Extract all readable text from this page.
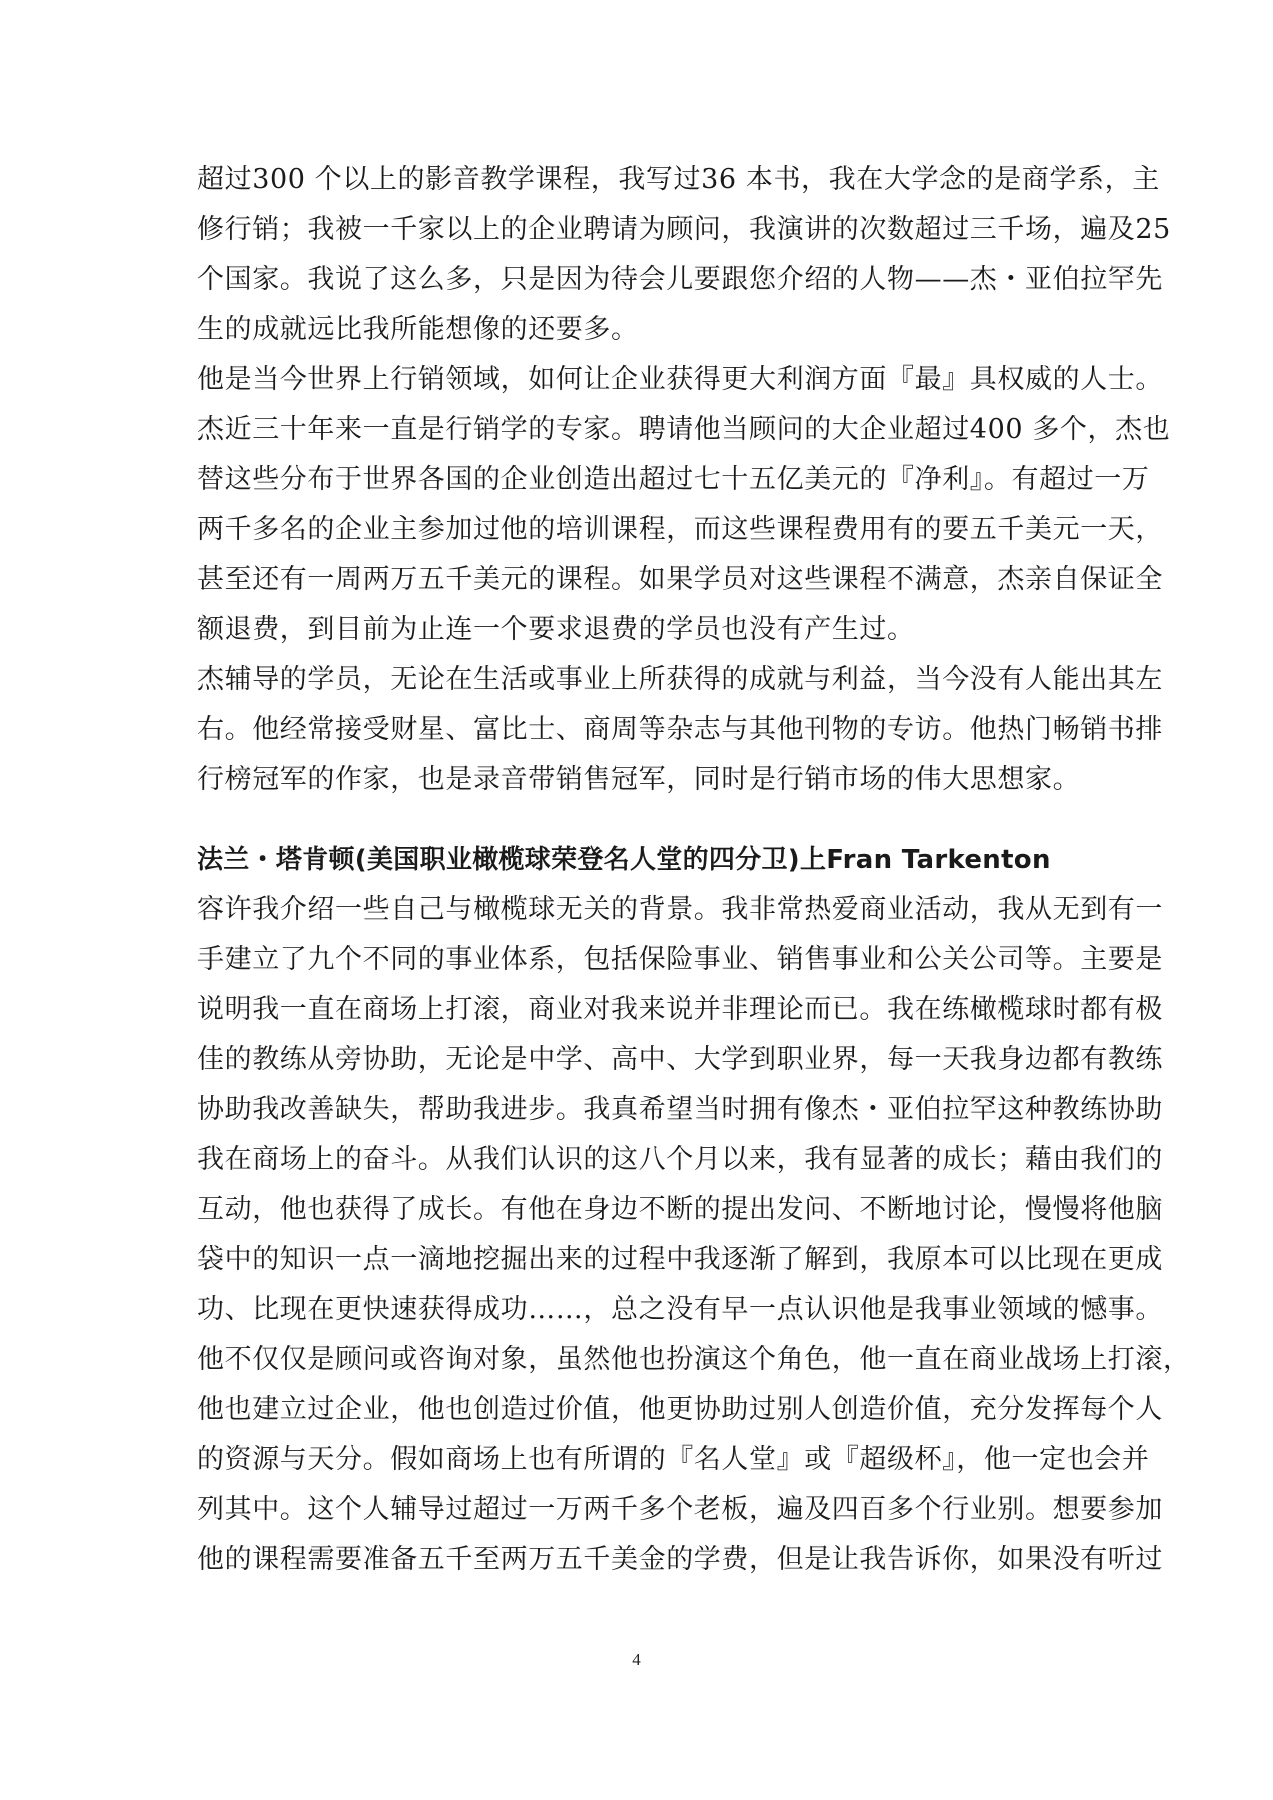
超过300 个以上的影音教学课程，我写过36 本书，我在大学念的是商学系，主
修行销；我被一千家以上的企业聘请为顾问，我演讲的次数超过三千场，遍及25
个国家。我说了这么多，只是因为待会儿要跟您介绍的人物——杰・亚伯拉罕先
生的成就远比我所能想像的还要多。
他是当今世界上行销领域，如何让企业获得更大利润方面『最』具权威的人士。
杰近三十年来一直是行销学的专家。聘请他当顾问的大企业超过400 多个，杰也
替这些分布于世界各国的企业创造出超过七十五亿美元的『净利』。有超过一万
两千多名的企业主参加过他的培训课程，而这些课程费用有的要五千美元一天，
甚至还有一周两万五千美元的课程。如果学员对这些课程不满意，杰亲自保证全
额退费，到目前为止连一个要求退费的学员也没有产生过。
杰辅导的学员，无论在生活或事业上所获得的成就与利益，当今没有人能出其左
右。他经常接受财星、富比士、商周等杂志与其他刊物的专访。他热门畅销书排
行榜冠军的作家，也是录音带销售冠军，同时是行销市场的伟大思想家。
法兰・塔肯顿(美国职业橄榄球荣登名人堂的四分卫)上Fran Tarkenton
容许我介绍一些自己与橄榄球无关的背景。我非常热爱商业活动，我从无到有一
手建立了九个不同的事业体系，包括保险事业、销售事业和公关公司等。主要是
说明我一直在商场上打滚，商业对我来说并非理论而已。我在练橄榄球时都有极
佳的教练从旁协助，无论是中学、高中、大学到职业界，每一天我身边都有教练
协助我改善缺失，帮助我进步。我真希望当时拥有像杰・亚伯拉罕这种教练协助
我在商场上的奋斗。从我们认识的这八个月以来，我有显著的成长；藉由我们的
互动，他也获得了成长。有他在身边不断的提出发问、不断地讨论，慢慢将他脑
袋中的知识一点一滴地挖掘出来的过程中我逐渐了解到，我原本可以比现在更成
功、比现在更快速获得成功……，总之没有早一点认识他是我事业领域的憾事。
他不仅仅是顾问或咨询对象，虽然他也扮演这个角色，他一直在商业战场上打滚，
他也建立过企业，他也创造过价值，他更协助过别人创造价值，充分发挥每个人
的资源与天分。假如商场上也有所谓的『名人堂』或『超级杯』，他一定也会并
列其中。这个人辅导过超过一万两千多个老板，遍及四百多个行业别。想要参加
他的课程需要准备五千至两万五千美金的学费，但是让我告诉你，如果没有听过
4
